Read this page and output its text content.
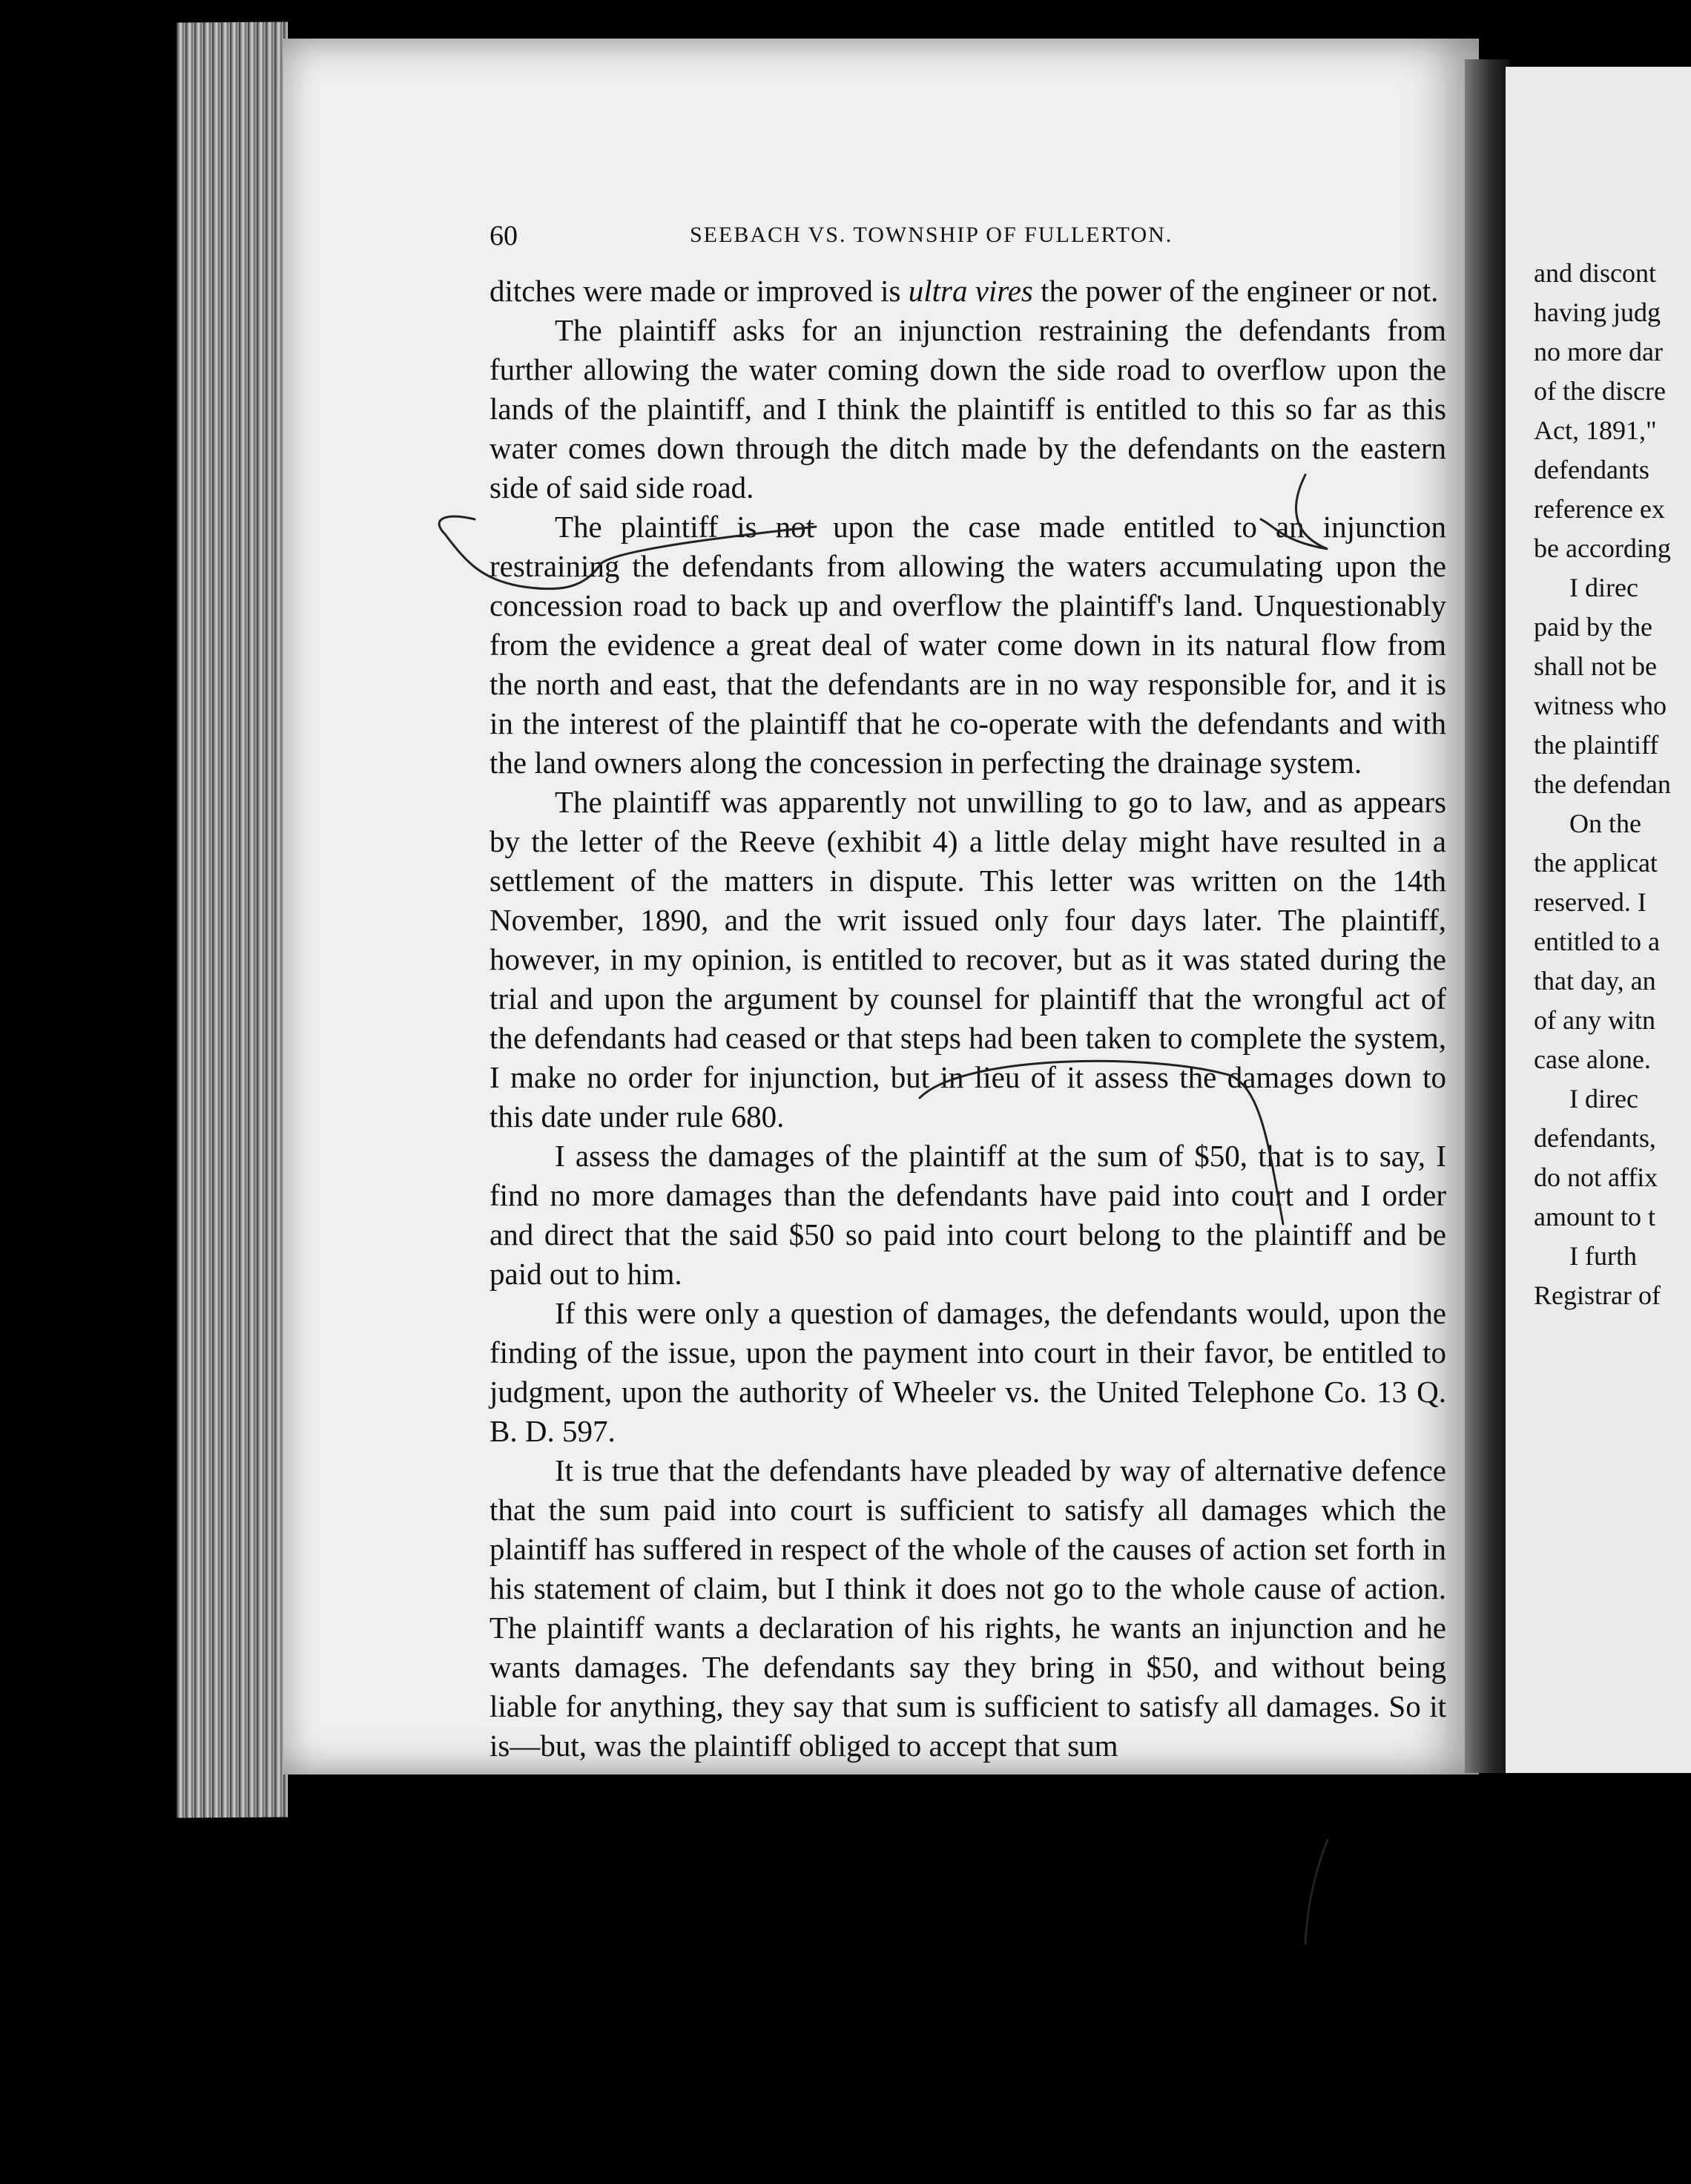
60	SEEBACH VS. TOWNSHIP OF FULLERTON.

ditches were made or improved is ultra vires the power of the engineer or not.

The plaintiff asks for an injunction restraining the defendants from further allowing the water coming down the side road to overflow upon the lands of the plaintiff, and I think the plaintiff is entitled to this so far as this water comes down through the ditch made by the defendants on the eastern side of said side road.

The plaintiff is not upon the case made entitled to an injunction restraining the defendants from allowing the waters accumulating upon the concession road to back up and overflow the plaintiff's land. Unquestionably from the evidence a great deal of water come down in its natural flow from the north and east, that the defendants are in no way responsible for, and it is in the interest of the plaintiff that he co-operate with the defendants and with the land owners along the concession in perfecting the drainage system.

The plaintiff was apparently not unwilling to go to law, and as appears by the letter of the Reeve (exhibit 4) a little delay might have resulted in a settlement of the matters in dispute. This letter was written on the 14th November, 1890, and the writ issued only four days later. The plaintiff, however, in my opinion, is entitled to recover, but as it was stated during the trial and upon the argument by counsel for plaintiff that the wrongful act of the defendants had ceased or that steps had been taken to complete the system, I make no order for injunction, but in lieu of it assess the damages down to this date under rule 680.

I assess the damages of the plaintiff at the sum of $50, that is to say, I find no more damages than the defendants have paid into court and I order and direct that the said $50 so paid into court belong to the plaintiff and be paid out to him.

If this were only a question of damages, the defendants would, upon the finding of the issue, upon the payment into court in their favor, be entitled to judgment, upon the authority of Wheeler vs. the United Telephone Co. 13 Q. B. D. 597.

It is true that the defendants have pleaded by way of alternative defence that the sum paid into court is sufficient to satisfy all damages which the plaintiff has suffered in respect of the whole of the causes of action set forth in his statement of claim, but I think it does not go to the whole cause of action. The plaintiff wants a declaration of his rights, he wants an injunction and he wants damages. The defendants say they bring in $50, and without being liable for anything, they say that sum is sufficient to satisfy all damages. So it is—but, was the plaintiff obliged to accept that sum

and discont
having judg
no more dar
of the discre
Act, 1891,"
defendants
reference ex
be according
I direc
paid by the
shall not be
witness who
the plaintiff
the defendan
On the
the applicat
reserved. I
entitled to a
that day, an
of any witn
case alone.
I direc
defendants,
do not affix
amount to t
I furth
Registrar of
